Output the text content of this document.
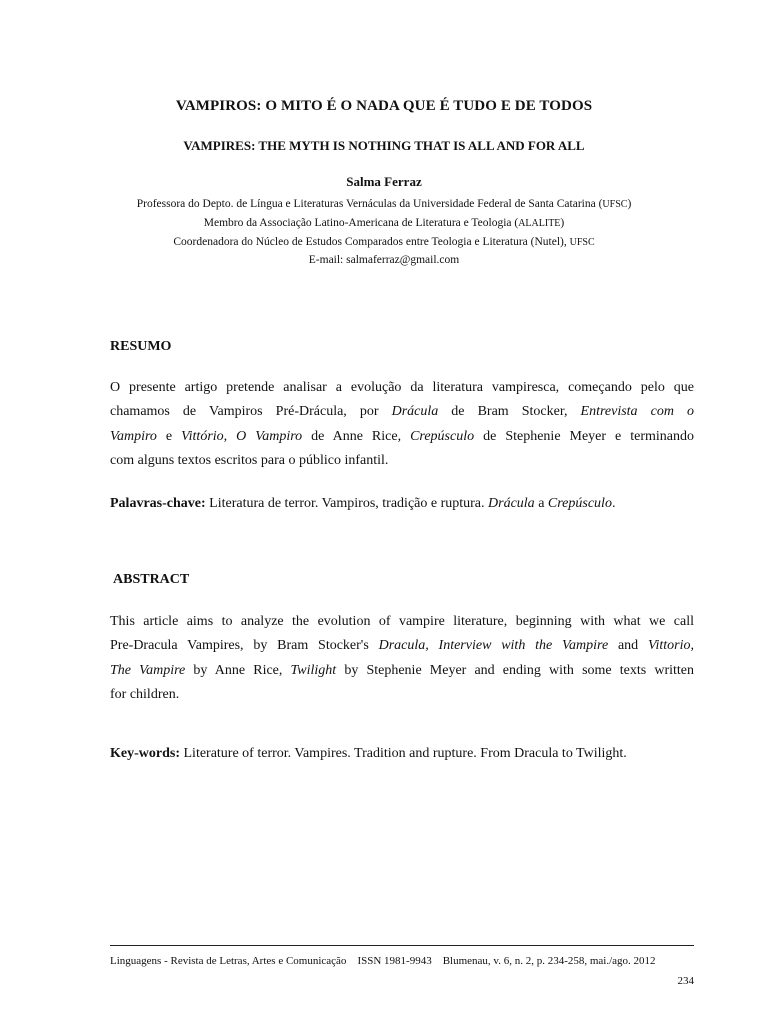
VAMPIROS: O MITO É O NADA QUE É TUDO E DE TODOS
VAMPIRES: THE MYTH IS NOTHING THAT IS ALL AND FOR ALL
Salma Ferraz
Professora do Depto. de Língua e Literaturas Vernáculas da Universidade Federal de Santa Catarina (UFSC)
Membro da Associação Latino-Americana de Literatura e Teologia (ALALITE)
Coordenadora do Núcleo de Estudos Comparados entre Teologia e Literatura (Nutel), UFSC
E-mail: salmaferraz@gmail.com
RESUMO
O presente artigo pretende analisar a evolução da literatura vampiresca, começando pelo que
chamamos de Vampiros Pré-Drácula, por Drácula de Bram Stocker, Entrevista com o
Vampiro e Vittório, O Vampiro de Anne Rice, Crepúsculo de Stephenie Meyer e terminando
com alguns textos escritos para o público infantil.
Palavras-chave: Literatura de terror. Vampiros, tradição e ruptura. Drácula a Crepúsculo.
ABSTRACT
This article aims to analyze the evolution of vampire literature, beginning with what we call
Pre-Dracula Vampires, by Bram Stocker's Dracula, Interview with the Vampire and Vittorio,
The Vampire by Anne Rice, Twilight by Stephenie Meyer and ending with some texts written
for children.
Key-words: Literature of terror. Vampires. Tradition and rupture. From Dracula to Twilight.
Linguagens - Revista de Letras, Artes e Comunicação ISSN 1981-9943 Blumenau, v. 6, n. 2, p. 234-258, mai./ago. 2012
234
